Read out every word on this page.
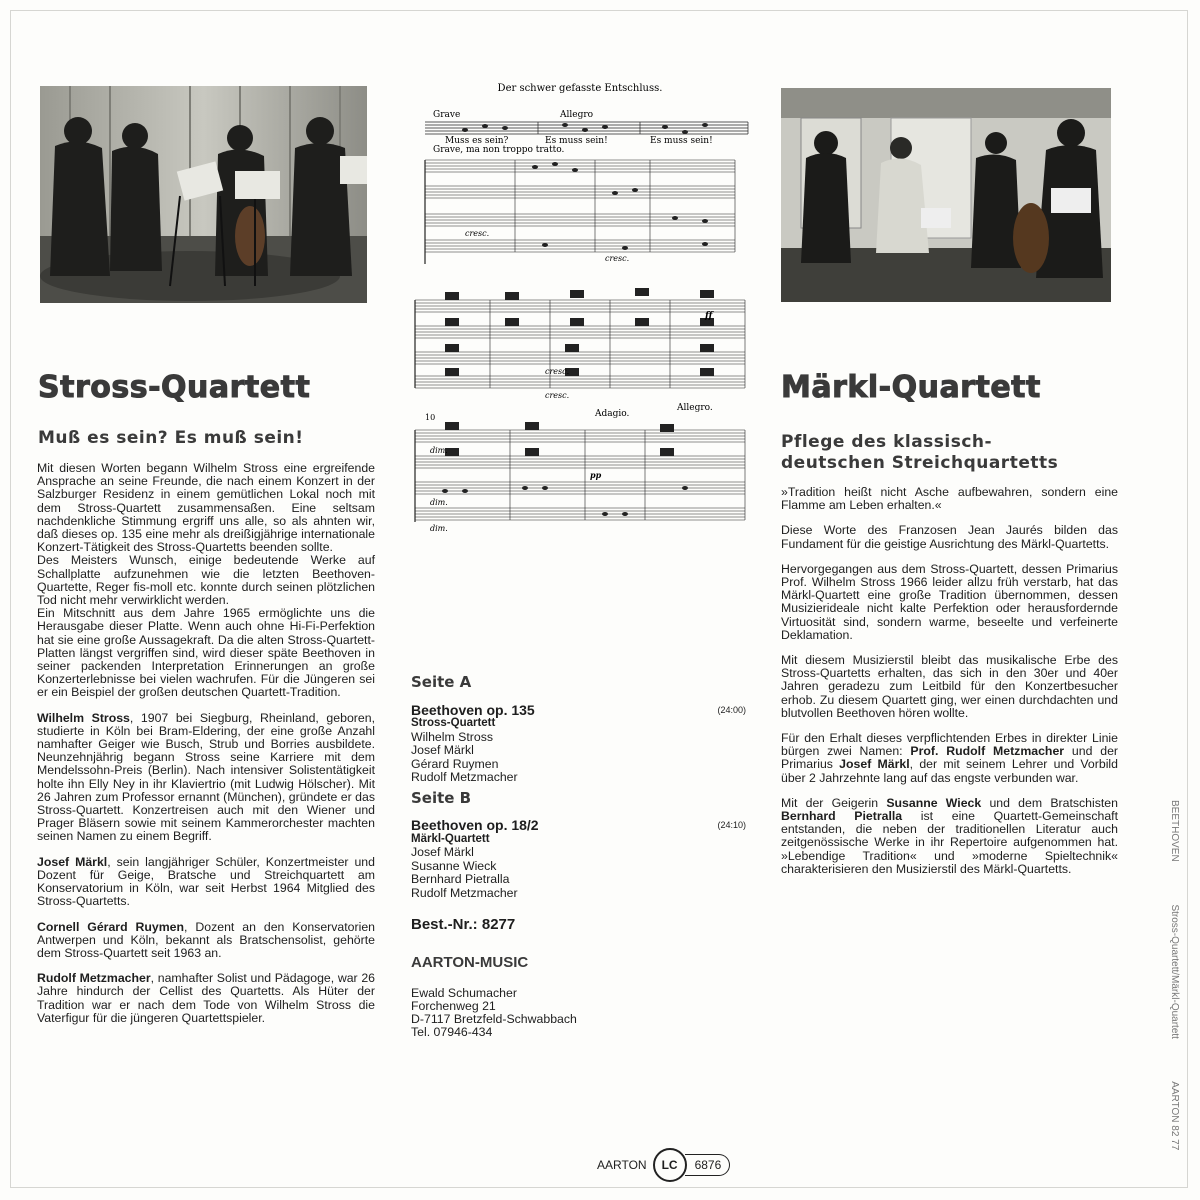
Stross-Quartett
Muß es sein? Es muß sein!

Mit diesen Worten begann Wilhelm Stross eine ergreifende Ansprache an seine Freunde, die nach einem Konzert in der Salzburger Residenz in einem gemütlichen Lokal noch mit dem Stross-Quartett zusammensaßen. Eine seltsam nachdenkliche Stimmung ergriff uns alle, so als ahnten wir, daß dieses op. 135 eine mehr als dreißigjährige internationale Konzert-Tätigkeit des Stross-Quartetts beenden sollte.

Des Meisters Wunsch, einige bedeutende Werke auf Schallplatte aufzunehmen wie die letzten Beethoven-Quartette, Reger fis-moll etc. konnte durch seinen plötzlichen Tod nicht mehr verwirklicht werden.

Ein Mitschnitt aus dem Jahre 1965 ermöglichte uns die Herausgabe dieser Platte. Wenn auch ohne Hi-Fi-Perfektion hat sie eine große Aussagekraft. Da die alten Stross-Quartett-Platten längst vergriffen sind, wird dieser späte Beethoven in seiner packenden Interpretation Erinnerungen an große Konzerterlebnisse bei vielen wachrufen. Für die Jüngeren sei er ein Beispiel der großen deutschen Quartett-Tradition.

Wilhelm Stross, 1907 bei Siegburg, Rheinland, geboren, studierte in Köln bei Bram-Eldering, der eine große Anzahl namhafter Geiger wie Busch, Strub und Borries ausbildete. Neunzehnjährig begann Stross seine Karriere mit dem Mendelssohn-Preis (Berlin). Nach intensiver Solistentätigkeit holte ihn Elly Ney in ihr Klaviertrio (mit Ludwig Hölscher). Mit 26 Jahren zum Professor ernannt (München), gründete er das Stross-Quartett. Konzertreisen auch mit den Wiener und Prager Bläsern sowie mit seinem Kammerorchester machten seinen Namen zu einem Begriff.

Josef Märkl, sein langjähriger Schüler, Konzertmeister und Dozent für Geige, Bratsche und Streichquartett am Konservatorium in Köln, war seit Herbst 1964 Mitglied des Stross-Quartetts.

Cornell Gérard Ruymen, Dozent an den Konservatorien Antwerpen und Köln, bekannt als Bratschensolist, gehörte dem Stross-Quartett seit 1963 an.

Rudolf Metzmacher, namhafter Solist und Pädagoge, war 26 Jahre hindurch der Cellist des Quartetts. Als Hüter der Tradition war er nach dem Tode von Wilhelm Stross die Vaterfigur für die jüngeren Quartettspieler.

Der schwer gefasste Entschluss.
Grave	Allegro
Muss es sein?	Es muss sein!	Es muss sein!
Grave, ma non troppo tratto.
cresc.
cresc.
cresc.
cresc.
ff
10	Adagio.
Allegro.
dim.
dim.
dim.
pp
Seite A
Beethoven op. 135	(24:00)
Stross-Quartett
Wilhelm Stross
Josef Märkl
Gérard Ruymen
Rudolf Metzmacher
Seite B
Beethoven op. 18/2	(24:10)
Märkl-Quartett
Josef Märkl
Susanne Wieck
Bernhard Pietralla
Rudolf Metzmacher
Best.-Nr.: 8277
AARTON-MUSIC
Ewald Schumacher
Forchenweg 21
D-7117 Bretzfeld-Schwabbach
Tel. 07946-434
AARTON	LC	6876
Märkl-Quartett
Pflege des klassisch-
deutschen Streichquartetts

»Tradition heißt nicht Asche aufbewahren, sondern eine Flamme am Leben erhalten.«

Diese Worte des Franzosen Jean Jaurés bilden das Fundament für die geistige Ausrichtung des Märkl-Quartetts.

Hervorgegangen aus dem Stross-Quartett, dessen Primarius Prof. Wilhelm Stross 1966 leider allzu früh verstarb, hat das Märkl-Quartett eine große Tradition übernommen, dessen Musizierideale nicht kalte Perfektion oder herausfordernde Virtuosität sind, sondern warme, beseelte und verfeinerte Deklamation.

Mit diesem Musizierstil bleibt das musikalische Erbe des Stross-Quartetts erhalten, das sich in den 30er und 40er Jahren geradezu zum Leitbild für den Konzertbesucher erhob. Zu diesem Quartett ging, wer einen durchdachten und blutvollen Beethoven hören wollte.

Für den Erhalt dieses verpflichtenden Erbes in direkter Linie bürgen zwei Namen: Prof. Rudolf Metzmacher und der Primarius Josef Märkl, der mit seinem Lehrer und Vorbild über 2 Jahrzehnte lang auf das engste verbunden war.

Mit der Geigerin Susanne Wieck und dem Bratschisten Bernhard Pietralla ist eine Quartett-Gemeinschaft entstanden, die neben der traditionellen Literatur auch zeitgenössische Werke in ihr Repertoire aufgenommen hat. »Lebendige Tradition« und »moderne Spieltechnik« charakterisieren den Musizierstil des Märkl-Quartetts.

BEETHOVEN Stross-Quartett/Märkl-Quartett AARTON 82 77
